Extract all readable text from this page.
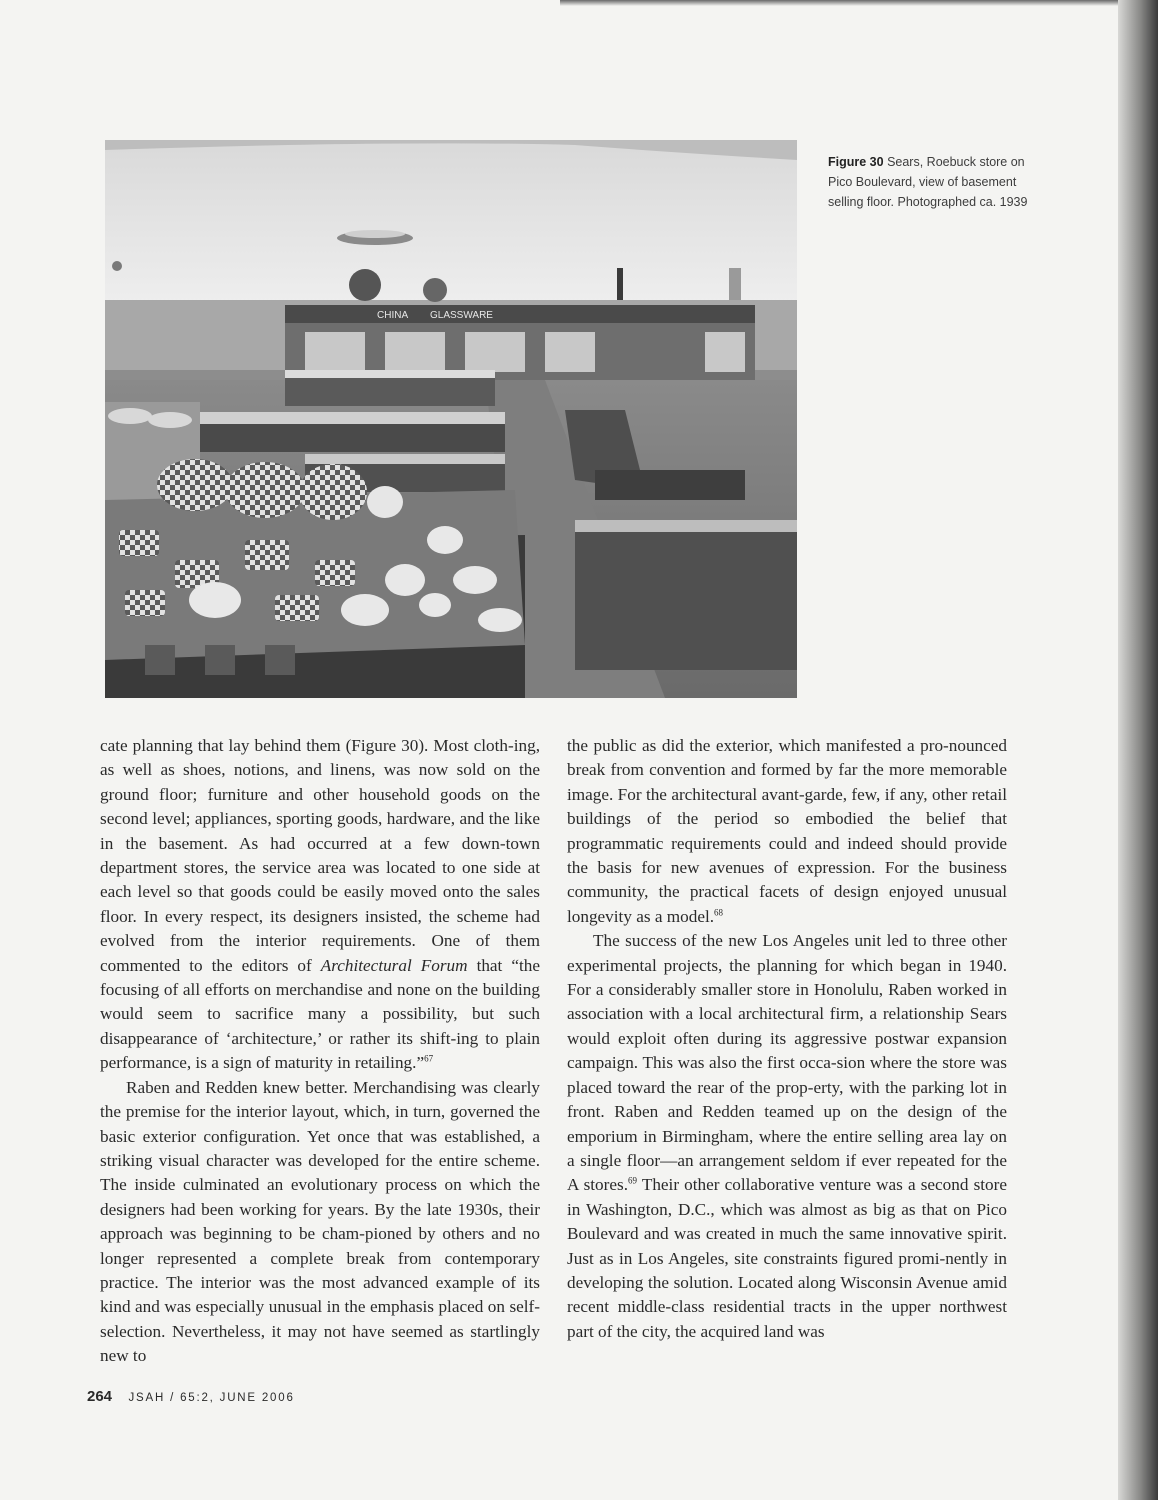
CHINA GLASSWARE
Figure 30 Sears, Roebuck store on Pico Boulevard, view of basement selling floor. Photographed ca. 1939

cate planning that lay behind them (Figure 30). Most cloth-ing, as well as shoes, notions, and linens, was now sold on the ground floor; furniture and other household goods on the second level; appliances, sporting goods, hardware, and the like in the basement. As had occurred at a few down-town department stores, the service area was located to one side at each level so that goods could be easily moved onto the sales floor. In every respect, its designers insisted, the scheme had evolved from the interior requirements. One of them commented to the editors of Architectural Forum that “the focusing of all efforts on merchandise and none on the building would seem to sacrifice many a possibility, but such disappearance of ‘architecture,’ or rather its shift-ing to plain performance, is a sign of maturity in retailing.”$^{67}$

Raben and Redden knew better. Merchandising was clearly the premise for the interior layout, which, in turn, governed the basic exterior configuration. Yet once that was established, a striking visual character was developed for the entire scheme. The inside culminated an evolutionary process on which the designers had been working for years. By the late 1930s, their approach was beginning to be cham-pioned by others and no longer represented a complete break from contemporary practice. The interior was the most advanced example of its kind and was especially unusual in the emphasis placed on self-selection. Nevertheless, it may not have seemed as startlingly new to

the public as did the exterior, which manifested a pro-nounced break from convention and formed by far the more memorable image. For the architectural avant-garde, few, if any, other retail buildings of the period so embodied the belief that programmatic requirements could and indeed should provide the basis for new avenues of expression. For the business community, the practical facets of design enjoyed unusual longevity as a model.$^{68}$

The success of the new Los Angeles unit led to three other experimental projects, the planning for which began in 1940. For a considerably smaller store in Honolulu, Raben worked in association with a local architectural firm, a relationship Sears would exploit often during its aggressive postwar expansion campaign. This was also the first occa-sion where the store was placed toward the rear of the prop-erty, with the parking lot in front. Raben and Redden teamed up on the design of the emporium in Birmingham, where the entire selling area lay on a single floor—an arrangement seldom if ever repeated for the A stores.$^{69}$ Their other collaborative venture was a second store in Washington, D.C., which was almost as big as that on Pico Boulevard and was created in much the same innovative spirit. Just as in Los Angeles, site constraints figured promi-nently in developing the solution. Located along Wisconsin Avenue amid recent middle-class residential tracts in the upper northwest part of the city, the acquired land was

264 JSAH / 65:2, JUNE 2006
